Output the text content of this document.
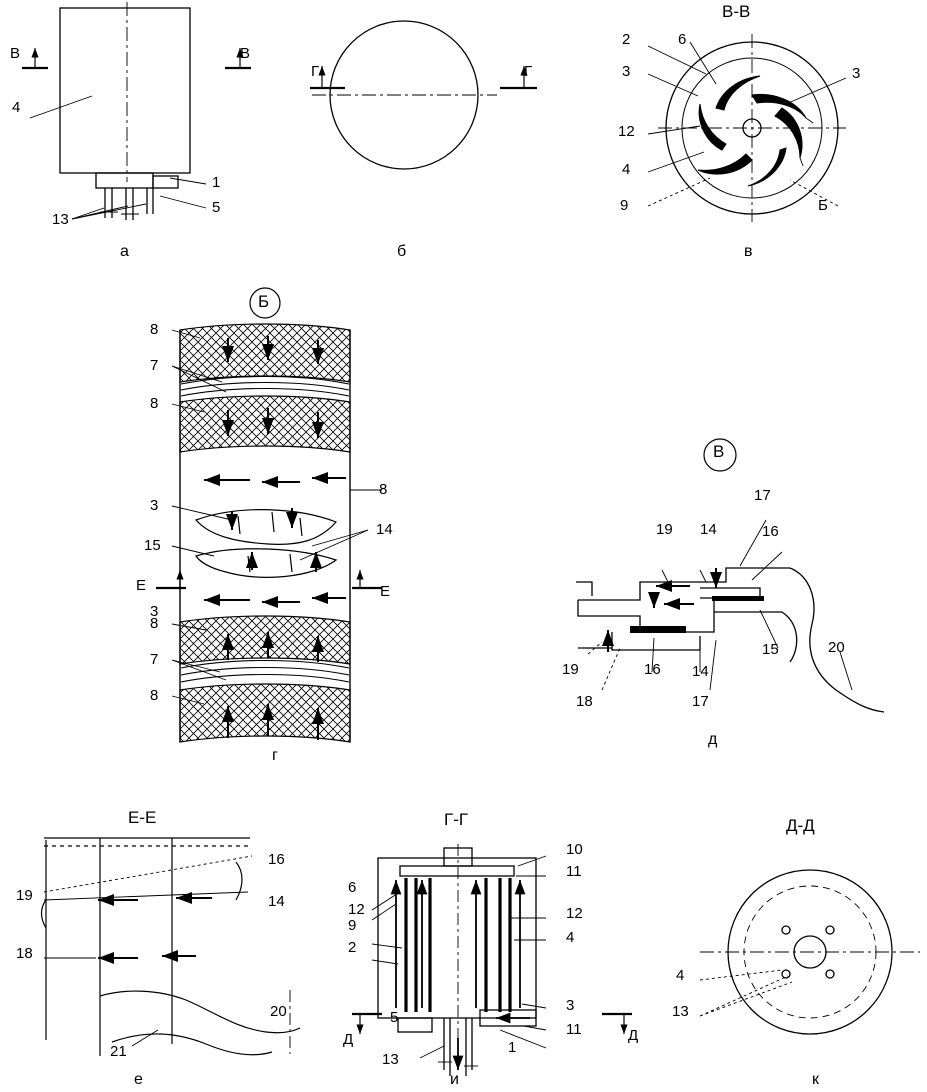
В	В
4
13
1
5
a
Г	Г
б
В-В
2	6
3	3
12
4
9	Б
в
Б
8
7
8
3
15
8
14
3
8
7
8
Е	Е
г
В
19 14
17
16
19
18
16 14
17
15	20
д
Е-Е
19
18
16
14
20
21
е
Г-Г
6
12
9
2
5
13
10
11
12
4
3
11
1
Д	Д
и
Д-Д
4
13
к
